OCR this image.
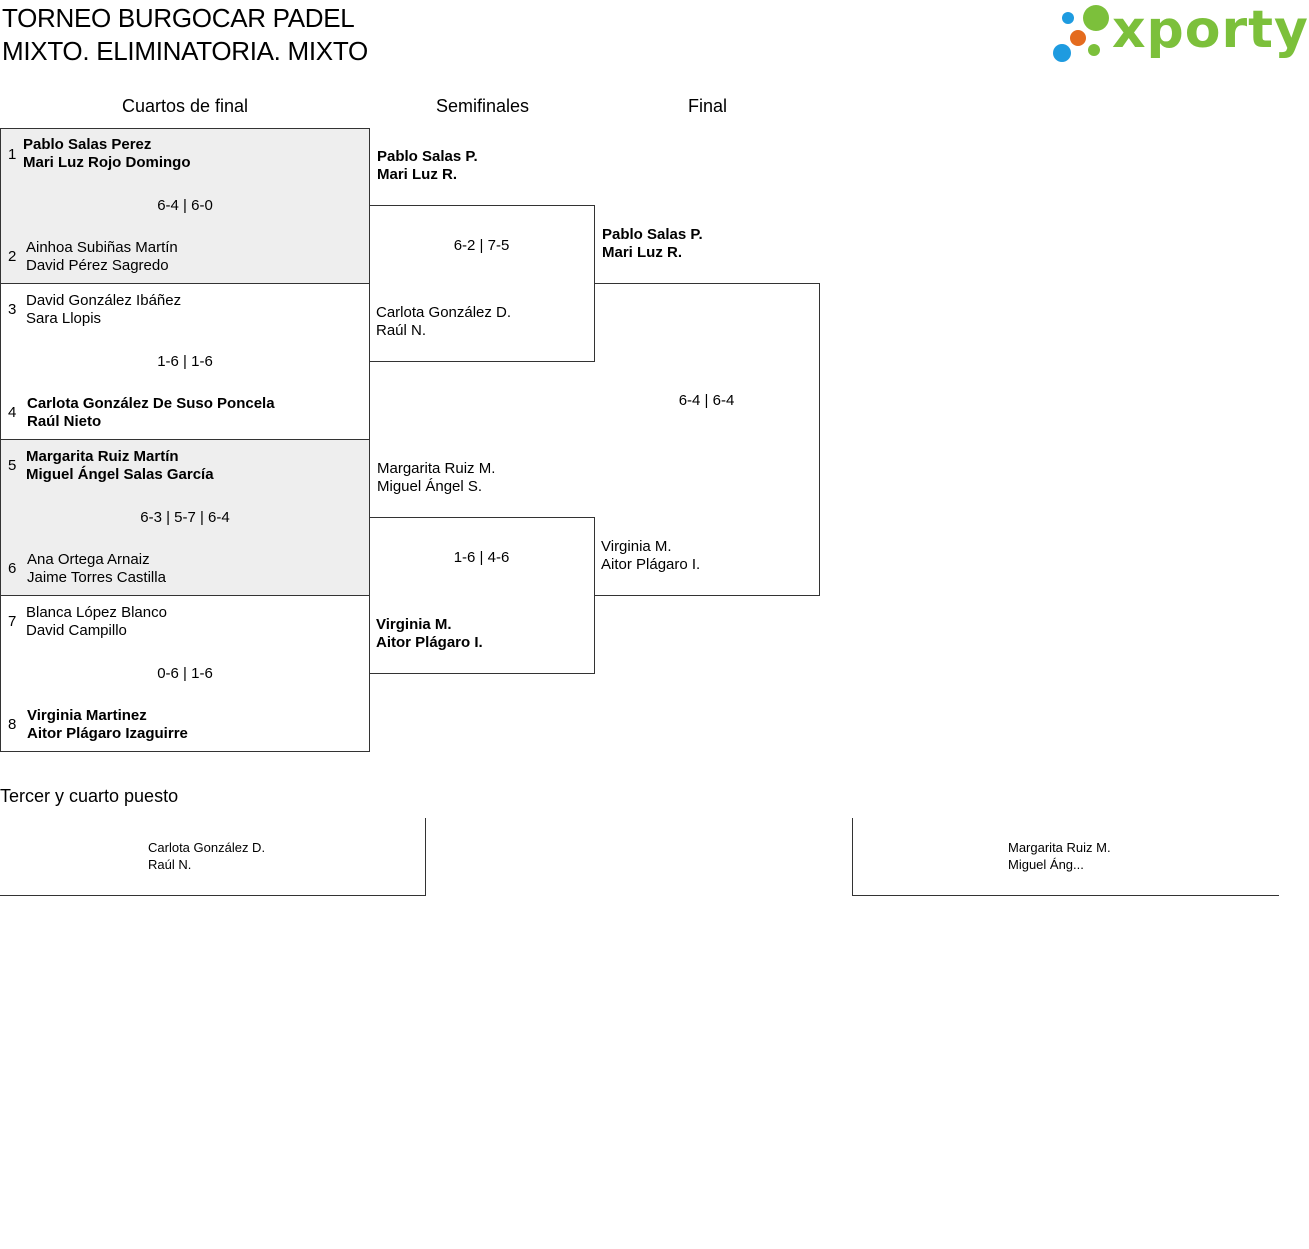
TORNEO BURGOCAR PADEL
MIXTO. ELIMINATORIA. MIXTO	xporty
Cuartos de final	Semifinales	Final
1
Pablo Salas Perez
Mari Luz Rojo Domingo
6-4 | 6-0
2
Ainhoa Subiñas Martín
David Pérez Sagredo
3
David González Ibáñez
Sara Llopis
1-6 | 1-6
4
Carlota González De Suso Poncela
Raúl Nieto
5
Margarita Ruiz Martín
Miguel Ángel Salas García
6-3 | 5-7 | 6-4
6
Ana Ortega Arnaiz
Jaime Torres Castilla
7
Blanca López Blanco
David Campillo
0-6 | 1-6
8
Virginia Martinez
Aitor Plágaro Izaguirre
Pablo Salas P.
Mari Luz R.
6-2 | 7-5
Carlota González D.
Raúl N.
Margarita Ruiz M.
Miguel Ángel S.
1-6 | 4-6
Virginia M.
Aitor Plágaro I.
Pablo Salas P.
Mari Luz R.
6-4 | 6-4
Virginia M.
Aitor Plágaro I.
Tercer y cuarto puesto
Carlota González D.
Raúl N.
Margarita Ruiz M.
Miguel Áng...
